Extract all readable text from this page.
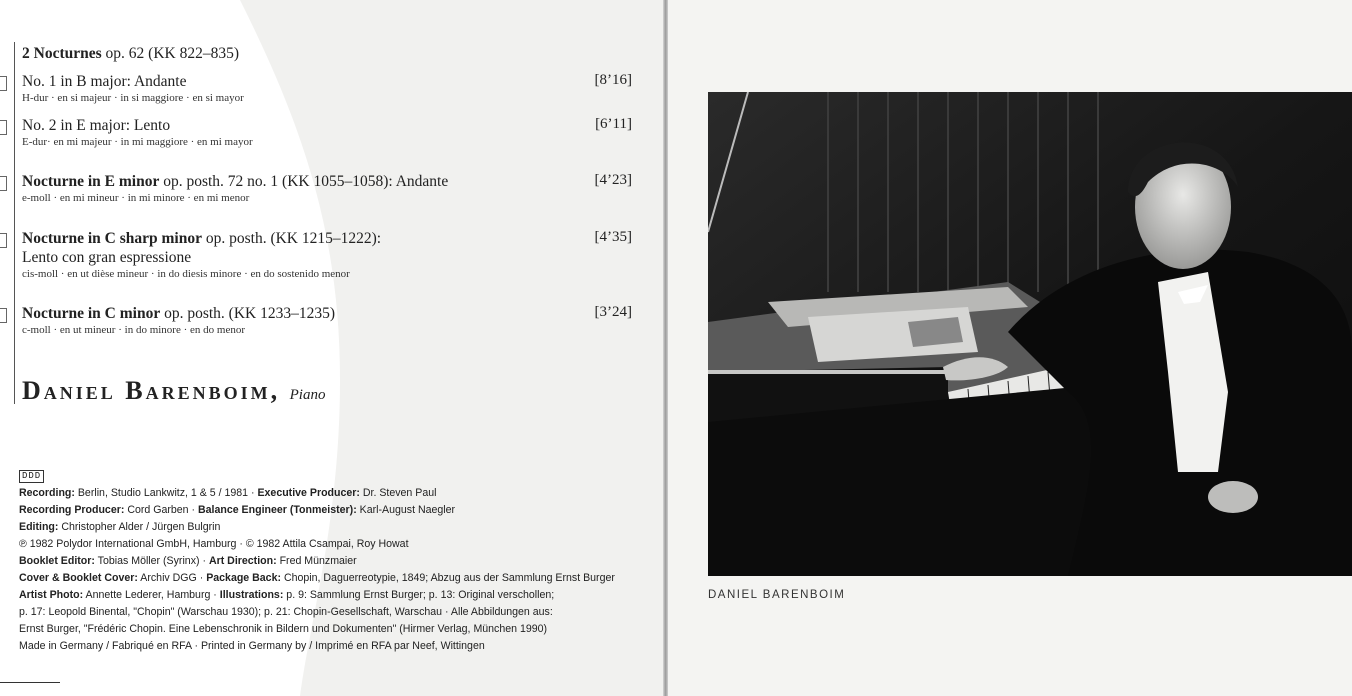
2 Nocturnes op. 62 (KK 822–835)
No. 1 in B major: Andante
H-dur · en si majeur · in si maggiore · en si mayor
[8’16]
No. 2 in E major: Lento
E-dur· en mi majeur · in mi maggiore · en mi mayor
[6’11]
Nocturne in E minor op. posth. 72 no. 1 (KK 1055–1058): Andante
e-moll · en mi mineur · in mi minore · en mi menor
[4’23]
Nocturne in C sharp minor op. posth. (KK 1215–1222):
Lento con gran espressione
cis-moll · en ut dièse mineur · in do diesis minore · en do sostenido menor
[4’35]
Nocturne in C minor op. posth. (KK 1233–1235)
c-moll · en ut mineur · in do minore · en do menor
[3’24]
Daniel Barenboim, Piano
DDD
Recording: Berlin, Studio Lankwitz, 1 & 5 / 1981 · Executive Producer: Dr. Steven Paul
Recording Producer: Cord Garben · Balance Engineer (Tonmeister): Karl-August Naegler
Editing: Christopher Alder / Jürgen Bulgrin
℗ 1982 Polydor International GmbH, Hamburg · © 1982 Attila Csampai, Roy Howat
Booklet Editor: Tobias Möller (Syrinx) · Art Direction: Fred Münzmaier
Cover & Booklet Cover: Archiv DGG · Package Back: Chopin, Daguerreotypie, 1849; Abzug aus der Sammlung Ernst Burger
Artist Photo: Annette Lederer, Hamburg · Illustrations: p. 9: Sammlung Ernst Burger; p. 13: Original verschollen;
p. 17: Leopold Binental, "Chopin" (Warschau 1930); p. 21: Chopin-Gesellschaft, Warschau · Alle Abbildungen aus:
Ernst Burger, "Frédéric Chopin. Eine Lebenschronik in Bildern und Dokumenten" (Hirmer Verlag, München 1990)
Made in Germany / Fabriqué en RFA · Printed in Germany by / Imprimé en RFA par Neef, Wittingen
DANIEL BARENBOIM
